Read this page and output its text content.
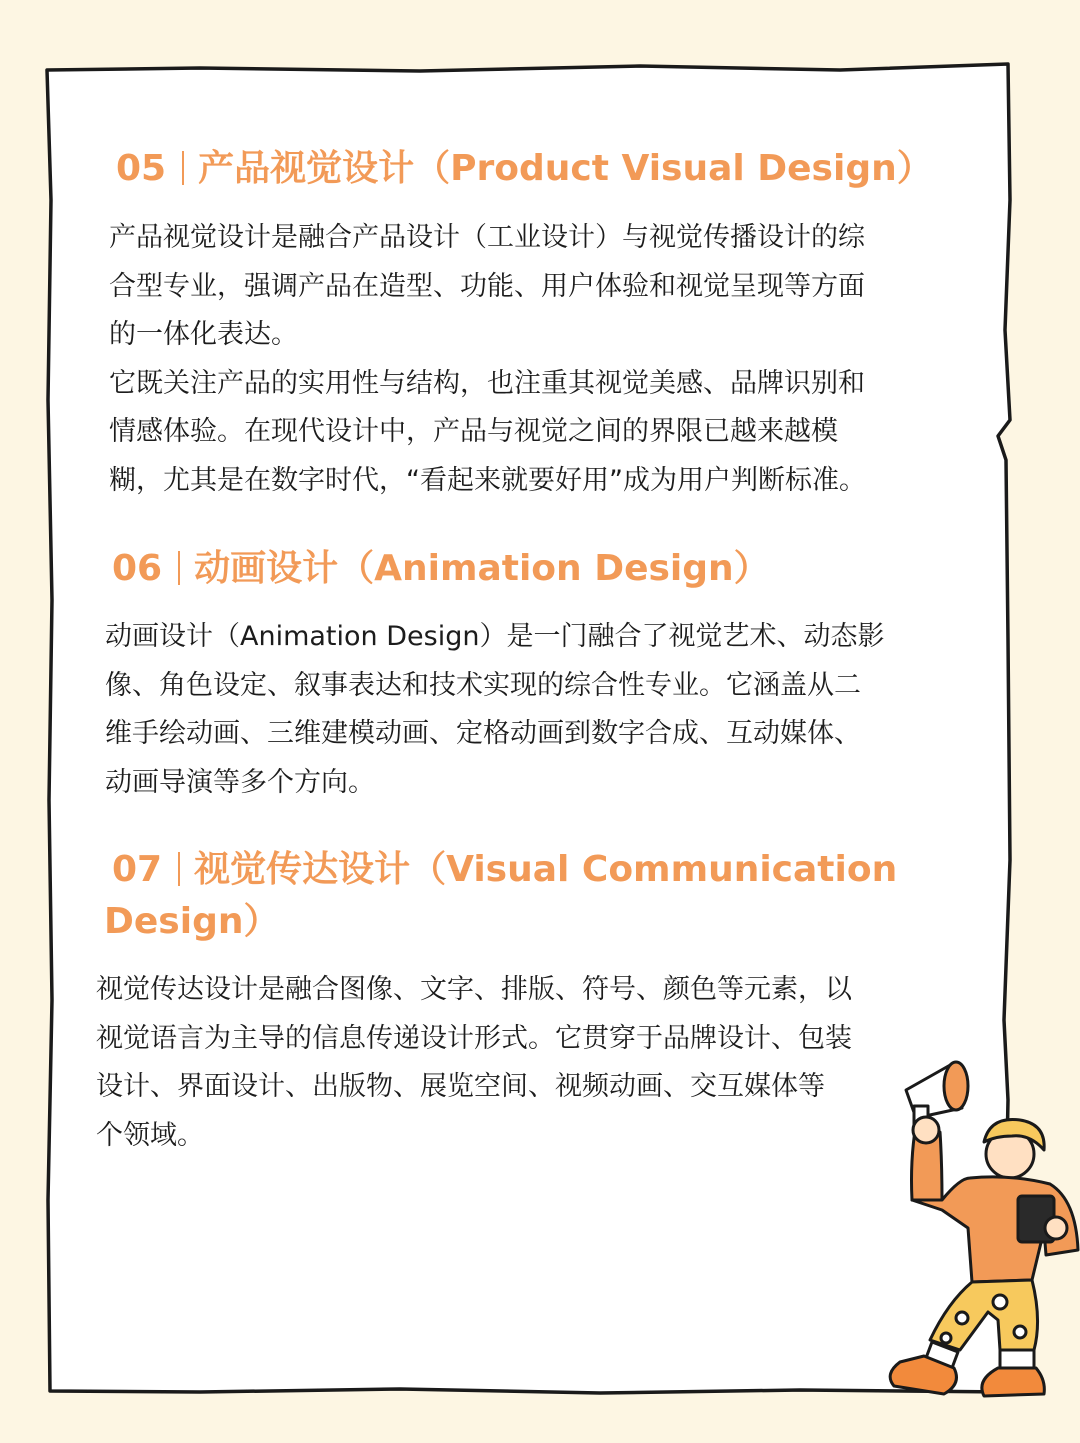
05 产品视觉设计（Product Visual Design）

产品视觉设计是融合产品设计（工业设计）与视觉传播设计的综
合型专业，强调产品在造型、功能、用户体验和视觉呈现等方面
的一体化表达。
它既关注产品的实用性与结构，也注重其视觉美感、品牌识别和
情感体验。在现代设计中，产品与视觉之间的界限已越来越模
糊，尤其是在数字时代，“看起来就要好用”成为用户判断标准。

06 动画设计（Animation Design）

动画设计（Animation Design）是一门融合了视觉艺术、动态影
像、角色设定、叙事表达和技术实现的综合性专业。它涵盖从二
维手绘动画、三维建模动画、定格动画到数字合成、互动媒体、
动画导演等多个方向。

07 视觉传达设计（Visual Communication
Design）

视觉传达设计是融合图像、文字、排版、符号、颜色等元素，以
视觉语言为主导的信息传递设计形式。它贯穿于品牌设计、包装
设计、界面设计、出版物、展览空间、视频动画、交互媒体等
个领域。
